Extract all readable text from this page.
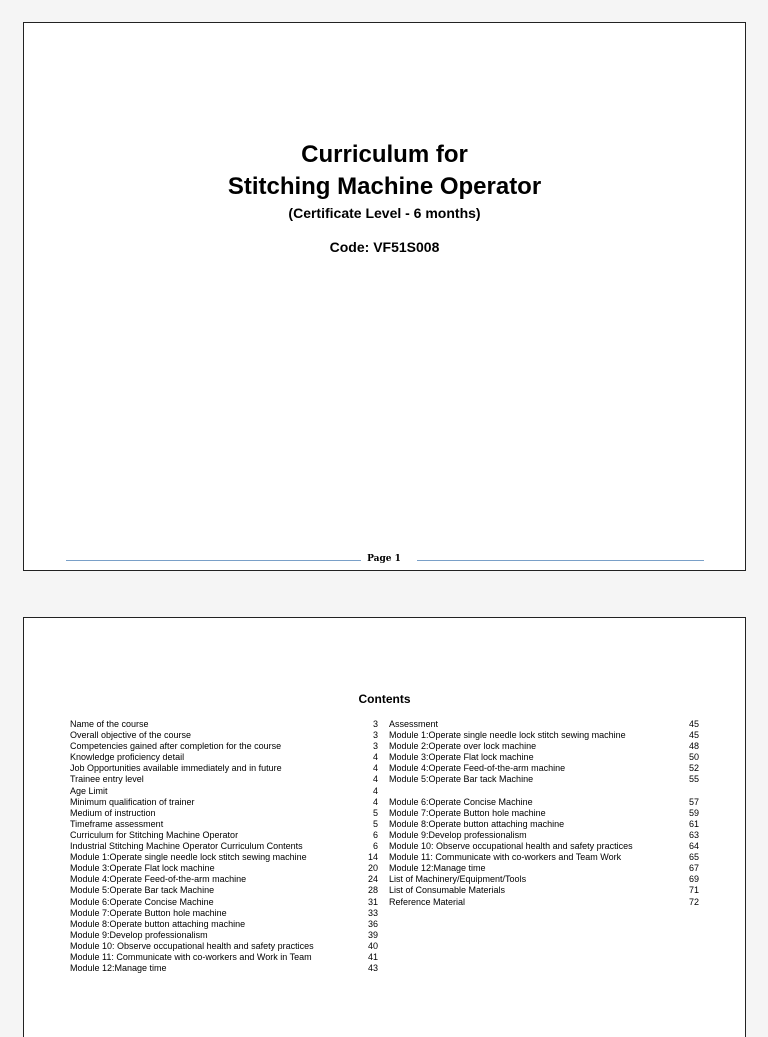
Curriculum for
Stitching Machine Operator
(Certificate Level - 6 months)
Code: VF51S008
Page 1
Contents
Name of the course	3
Overall objective of the course	3
Competencies gained after completion for the course	3
Knowledge proficiency detail	4
Job Opportunities available immediately and in future	4
Trainee entry level	4
Age Limit	4
Minimum qualification of trainer	4
Medium of instruction	5
Timeframe assessment	5
Curriculum for Stitching Machine Operator	6
Industrial Stitching Machine Operator Curriculum Contents	6
Module 1:Operate single needle lock stitch sewing machine	14
Module 3:Operate Flat lock machine	20
Module 4:Operate Feed-of-the-arm machine	24
Module 5:Operate Bar tack Machine	28
Module 6:Operate Concise Machine	31
Module 7:Operate Button hole machine	33
Module 8:Operate button attaching machine	36
Module 9:Develop professionalism	39
Module 10: Observe occupational health and safety practices	40
Module 11: Communicate with co-workers and Work in Team	41
Module 12:Manage time	43
Assessment	45
Module 1:Operate single needle lock stitch sewing machine	45
Module 2:Operate over lock machine	48
Module 3:Operate Flat lock machine	50
Module 4:Operate Feed-of-the-arm machine	52
Module 5:Operate Bar tack Machine	55
Module 6:Operate Concise Machine	57
Module 7:Operate Button hole machine	59
Module 8:Operate button attaching machine	61
Module 9:Develop professionalism	63
Module 10: Observe occupational health and safety practices	64
Module 11: Communicate with co-workers and Team Work	65
Module 12:Manage time	67
List of Machinery/Equipment/Tools	69
List of Consumable Materials	71
Reference Material	72
